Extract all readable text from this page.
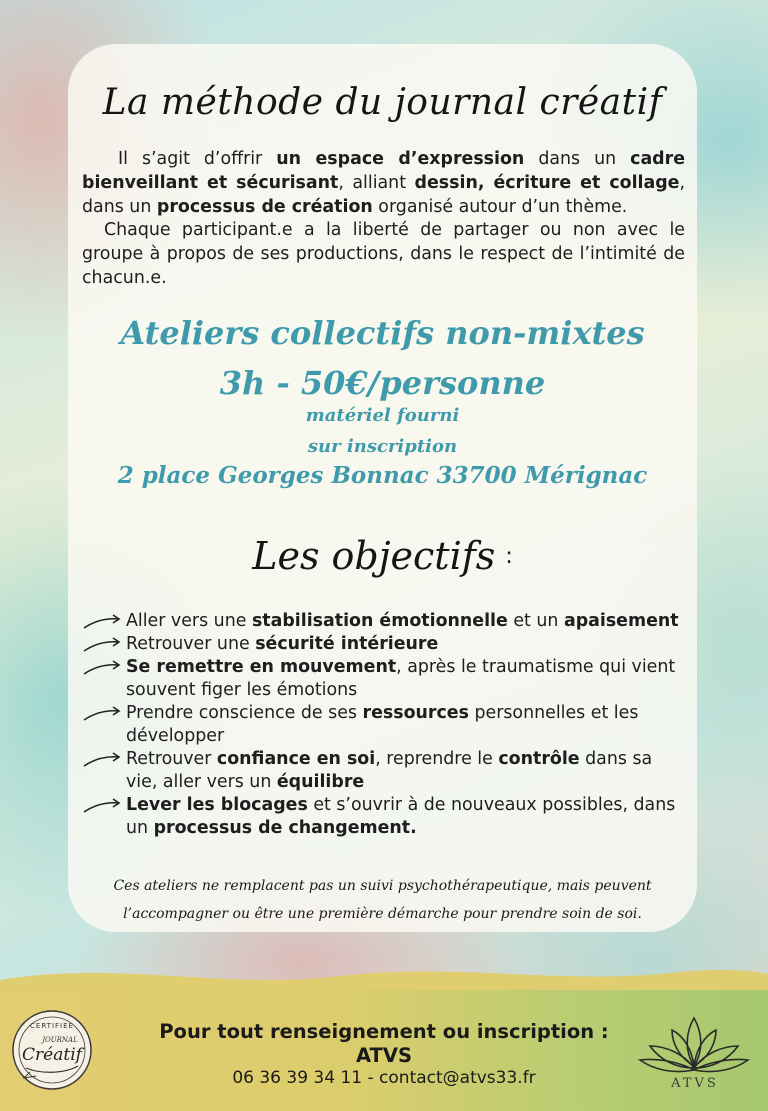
La méthode du journal créatif

Il s’agit d’offrir un espace d’expression dans un cadre bienveillant et sécurisant, alliant dessin, écriture et collage, dans un processus de création organisé autour d’un thème.

Chaque participant.e a la liberté de partager ou non avec le groupe à propos de ses productions, dans le respect de l’intimité de chacun.e.

Ateliers collectifs non-mixtes
3h - 50€/personne
matériel fourni
sur inscription
2 place Georges Bonnac 33700 Mérignac
Les objectifs :
Aller vers une stabilisation émotionnelle et un apaisement
Retrouver une sécurité intérieure
Se remettre en mouvement, après le traumatisme qui vient souvent figer les émotions
Prendre conscience de ses ressources personnelles et les développer
Retrouver confiance en soi, reprendre le contrôle dans sa vie, aller vers un équilibre
Lever les blocages et s’ouvrir à de nouveaux possibles, dans un processus de changement.
Ces ateliers ne remplacent pas un suivi psychothérapeutique, mais peuvent
l’accompagner ou être une première démarche pour prendre soin de soi.
Pour tout renseignement ou inscription :
ATVS
06 36 39 34 11 - contact@atvs33.fr
CERTIFIÉE
JOURNAL
Créatif
ATVS
